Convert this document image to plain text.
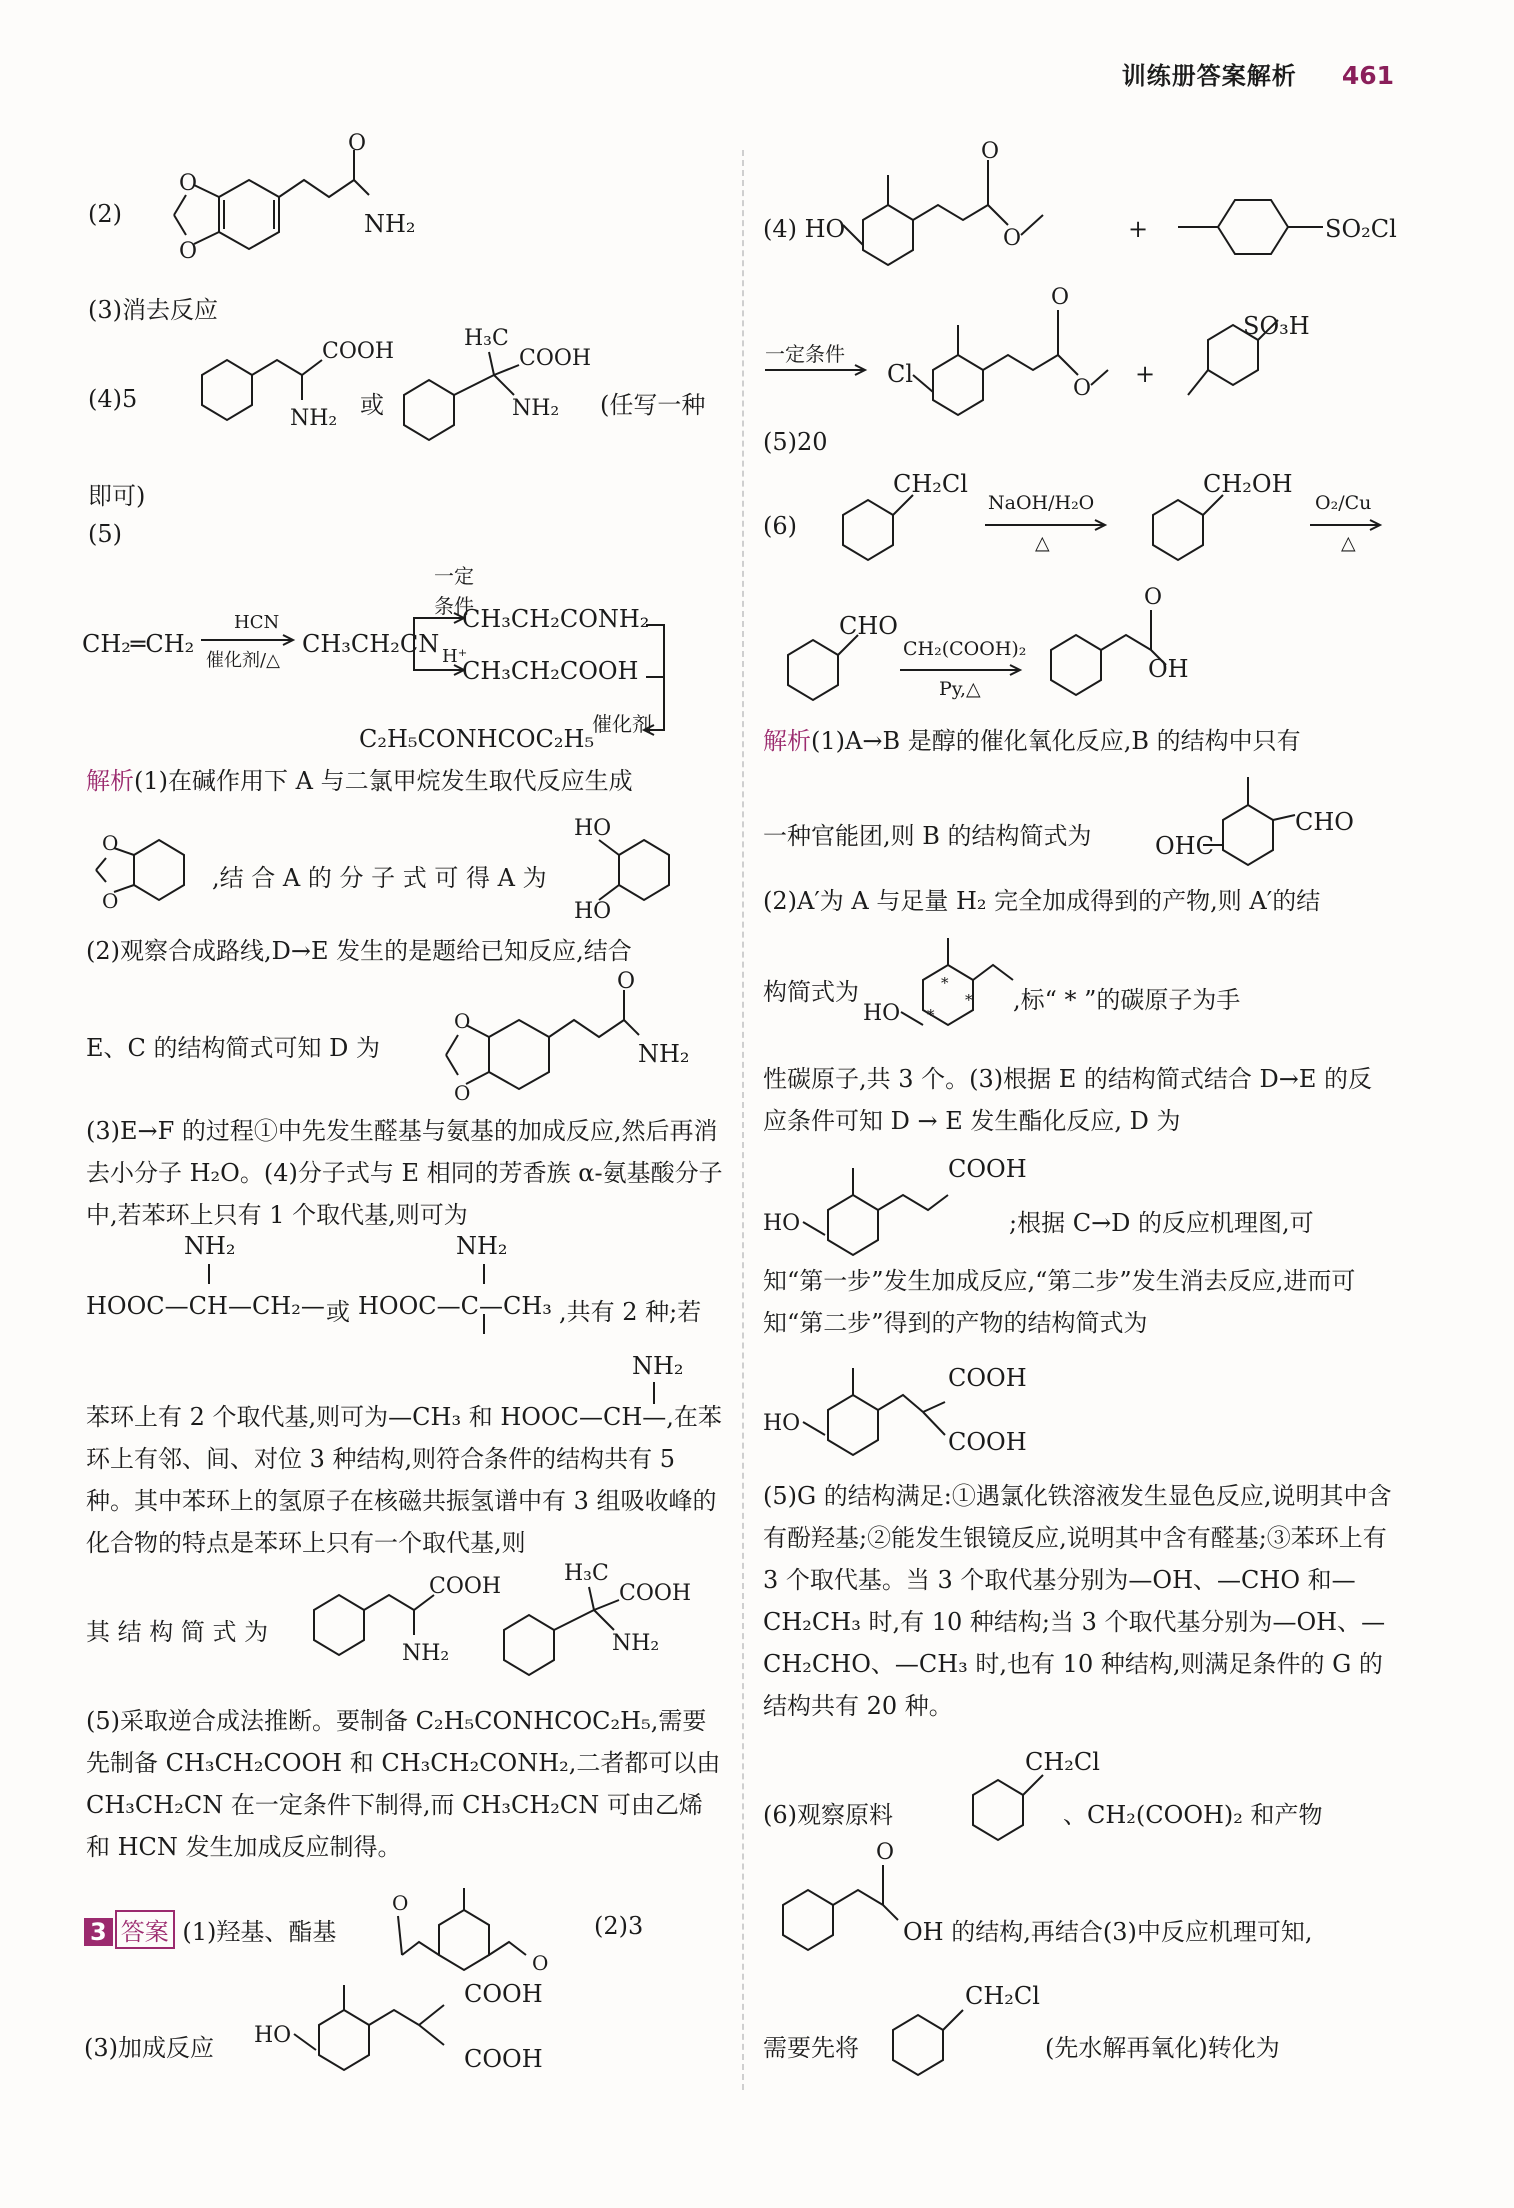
训练册答案解析 461
(2)
O
O
O
NH₂
(3)消去反应
(4)5
COOH
NH₂ 或
H₃C
COOH
NH₂ (任写一种
即可)
(5)
CH₂═CH₂
HCN
催化剂/△
CH₃CH₂CN
一定
条件
CH₃CH₂CONH₂
H⁺
CH₃CH₂COOH
催化剂
C₂H₅CONHCOC₂H₅
解析(1)在碱作用下 A 与二氯甲烷发生取代反应生成
O
O
,结 合 A 的 分 子 式 可 得 A 为
HO
HO
(2)观察合成路线,D→E 发生的是题给已知反应,结合
E、C 的结构简式可知 D 为
O
O
O
NH₂
(3)E→F 的过程①中先发生醛基与氨基的加成反应,然后再消去小分子 H₂O。(4)分子式与 E 相同的芳香族 α-氨基酸分子中,若苯环上只有 1 个取代基,则可为
NH₂	NH₂
HOOC—CH—CH₂— 或 HOOC—C—CH₃ ,共有 2 种;若
NH₂
苯环上有 2 个取代基,则可为—CH₃ 和 HOOC—CH—,在苯环上有邻、间、对位 3 种结构,则符合条件的结构共有 5 种。其中苯环上的氢原子在核磁共振氢谱中有 3 组吸收峰的化合物的特点是苯环上只有一个取代基,则
其 结 构 简 式 为
COOH
NH₂
H₃C
COOH
NH₂
(5)采取逆合成法推断。要制备 C₂H₅CONHCOC₂H₅,需要先制备 CH₃CH₂COOH 和 CH₃CH₂CONH₂,二者都可以由 CH₃CH₂CN 在一定条件下制得,而 CH₃CH₂CN 可由乙烯和 HCN 发生加成反应制得。
3 答案 (1)羟基、酯基
O
O
(2)3
(3)加成反应 HO
COOH
COOH
(4) HO
O
O	+	SO₂Cl
一定条件
Cl
O
O
+
SO₃H
(5)20
(6)
CH₂Cl
NaOH/H₂O
△
CH₂OH
O₂/Cu
△
CHO
CH₂(COOH)₂
Py,△
O
OH
解析(1)A→B 是醇的催化氧化反应,B 的结构中只有
一种官能团,则 B 的结构简式为	OHC
CHO
(2)A′为 A 与足量 H₂ 完全加成得到的产物,则 A′的结
构简式为
HO
*
*
*
,标“ * ”的碳原子为手
性碳原子,共 3 个。(3)根据 E 的结构简式结合 D→E 的反应条件可知 D → E 发生酯化反应, D 为
HO
COOH
;根据 C→D 的反应机理图,可
知“第一步”发生加成反应,“第二步”发生消去反应,进而可知“第二步”得到的产物的结构简式为
HO
COOH
COOH
(5)G 的结构满足:①遇氯化铁溶液发生显色反应,说明其中含有酚羟基;②能发生银镜反应,说明其中含有醛基;③苯环上有 3 个取代基。当 3 个取代基分别为—OH、—CHO 和—CH₂CH₃ 时,有 10 种结构;当 3 个取代基分别为—OH、—CH₂CHO、—CH₃ 时,也有 10 种结构,则满足条件的 G 的结构共有 20 种。
(6)观察原料
CH₂Cl
、CH₂(COOH)₂ 和产物
O
OH 的结构,再结合(3)中反应机理可知,
需要先将
CH₂Cl
(先水解再氧化)转化为
